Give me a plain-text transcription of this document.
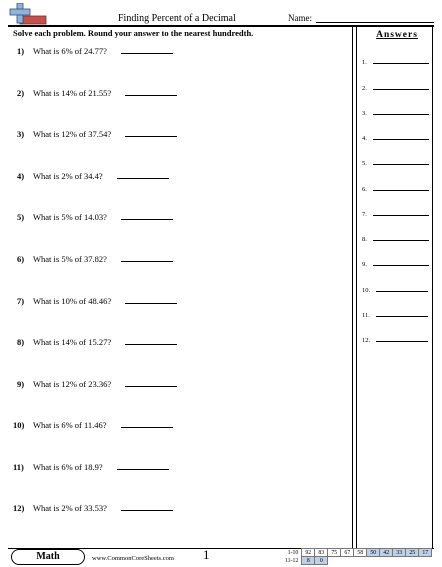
Finding Percent of a Decimal	Name:
Solve each problem. Round your answer to the nearest hundredth.	Answers
1) What is 6% of 24.77?
2) What is 14% of 21.55?
3) What is 12% of 37.54?
4) What is 2% of 34.4?
5) What is 5% of 14.03?
6) What is 5% of 37.82?
7) What is 10% of 48.46?
8) What is 14% of 15.27?
9) What is 12% of 23.36?
10) What is 6% of 11.46?
11) What is 6% of 18.9?
12) What is 2% of 33.53?
1.
2.
3.
4.
5.
6.
7.
8.
9.
10.
11.
12.
Math	www.CommonCoreSheets.com 1	1-10	92	83	75	67	58	50	42	33	25	17
11-12	8	0								
